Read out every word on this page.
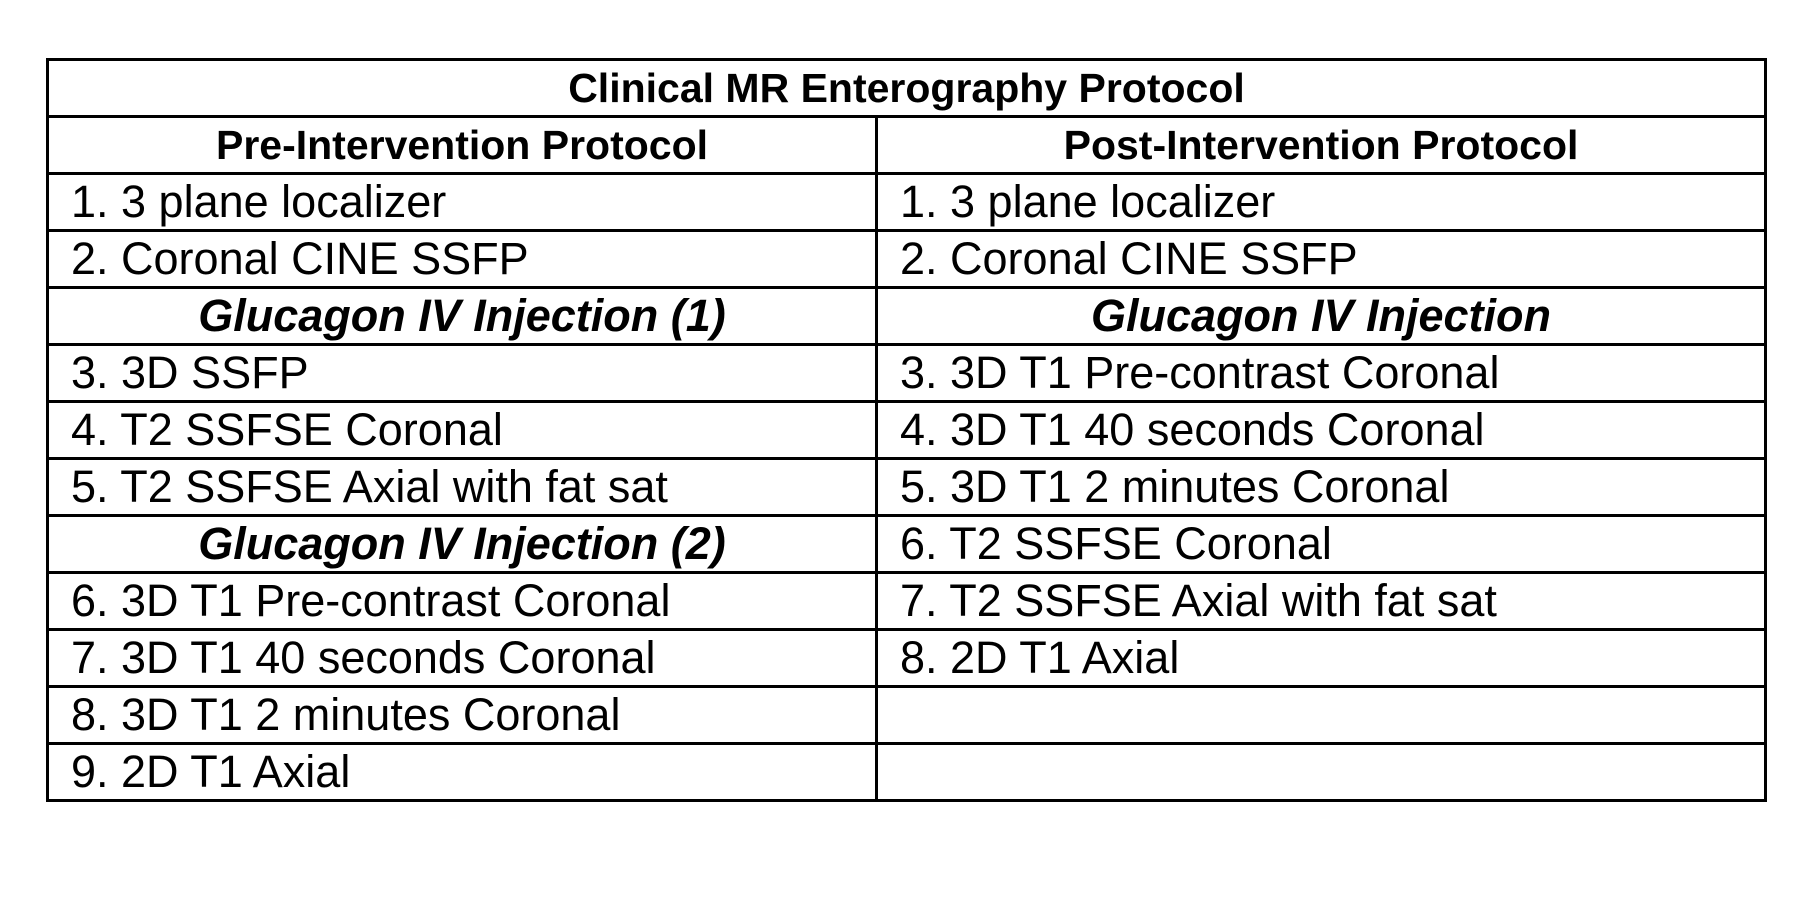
Clinical MR Enterography Protocol	
Pre-Intervention Protocol	Post-Intervention Protocol
1. 3 plane localizer	1. 3 plane localizer
2. Coronal CINE SSFP	2. Coronal CINE SSFP
Glucagon IV Injection (1)	Glucagon IV Injection
3. 3D SSFP	3. 3D T1 Pre-contrast Coronal
4. T2 SSFSE Coronal	4. 3D T1 40 seconds Coronal
5. T2 SSFSE Axial with fat sat	5. 3D T1 2 minutes Coronal
Glucagon IV Injection (2)	6. T2 SSFSE Coronal
6. 3D T1 Pre-contrast Coronal	7. T2 SSFSE Axial with fat sat
7. 3D T1 40 seconds Coronal	8. 2D T1 Axial
8. 3D T1 2 minutes Coronal	
9. 2D T1 Axial	
